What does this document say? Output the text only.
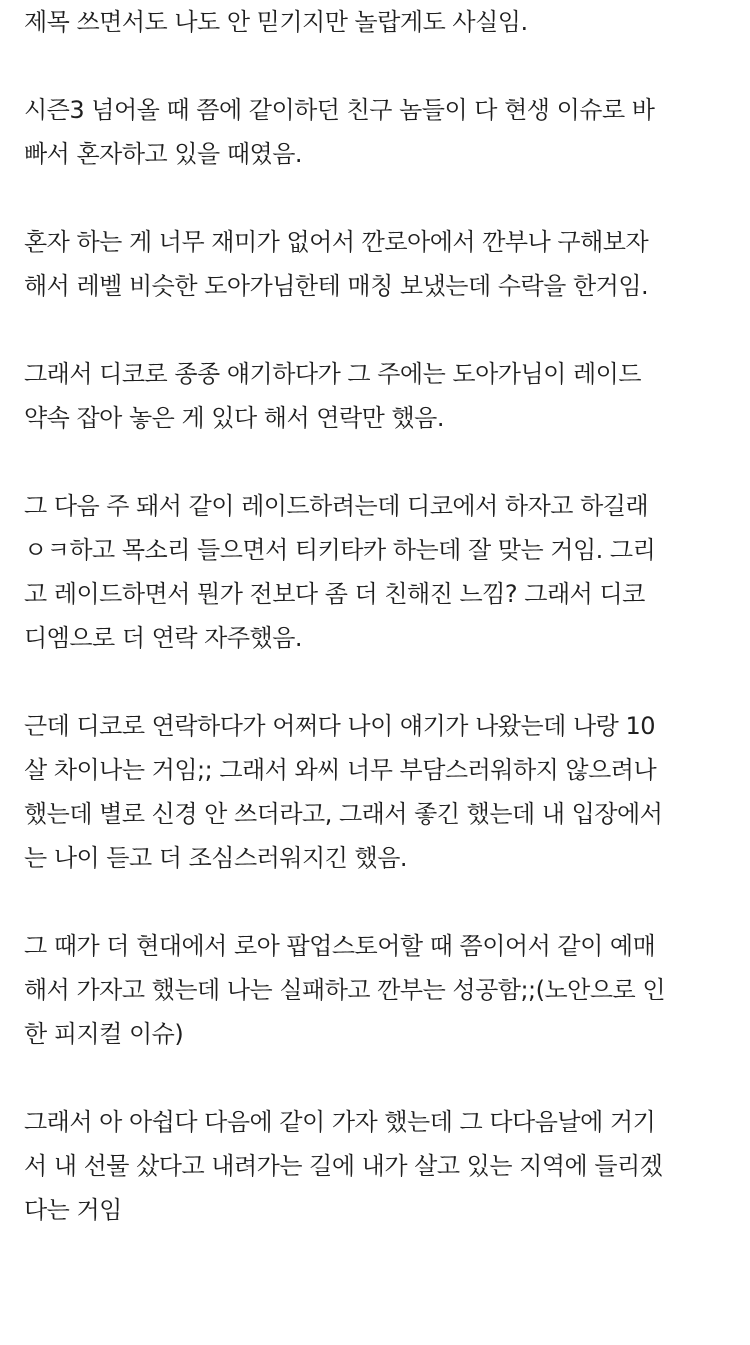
제목 쓰면서도 나도 안 믿기지만 놀랍게도 사실임.
시즌3 넘어올 때 쯤에 같이하던 친구 놈들이 다 현생 이슈로 바
빠서 혼자하고 있을 때였음.
혼자 하는 게 너무 재미가 없어서 깐로아에서 깐부나 구해보자
해서 레벨 비슷한 도아가님한테 매칭 보냈는데 수락을 한거임.
그래서 디코로 종종 얘기하다가 그 주에는 도아가님이 레이드
약속 잡아 놓은 게 있다 해서 연락만 했음.
그 다음 주 돼서 같이 레이드하려는데 디코에서 하자고 하길래
ㅇㅋ하고 목소리 들으면서 티키타카 하는데 잘 맞는 거임. 그리
고 레이드하면서 뭔가 전보다 좀 더 친해진 느낌? 그래서 디코
디엠으로 더 연락 자주했음.
근데 디코로 연락하다가 어쩌다 나이 얘기가 나왔는데 나랑 10
살 차이나는 거임;; 그래서 와씨 너무 부담스러워하지 않으려나
했는데 별로 신경 안 쓰더라고, 그래서 좋긴 했는데 내 입장에서
는 나이 듣고 더 조심스러워지긴 했음.
그 때가 더 현대에서 로아 팝업스토어할 때 쯤이어서 같이 예매
해서 가자고 했는데 나는 실패하고 깐부는 성공함;;(노안으로 인
한 피지컬 이슈)
그래서 아 아쉽다 다음에 같이 가자 했는데 그 다다음날에 거기
서 내 선물 샀다고 내려가는 길에 내가 살고 있는 지역에 들리겠
다는 거임
